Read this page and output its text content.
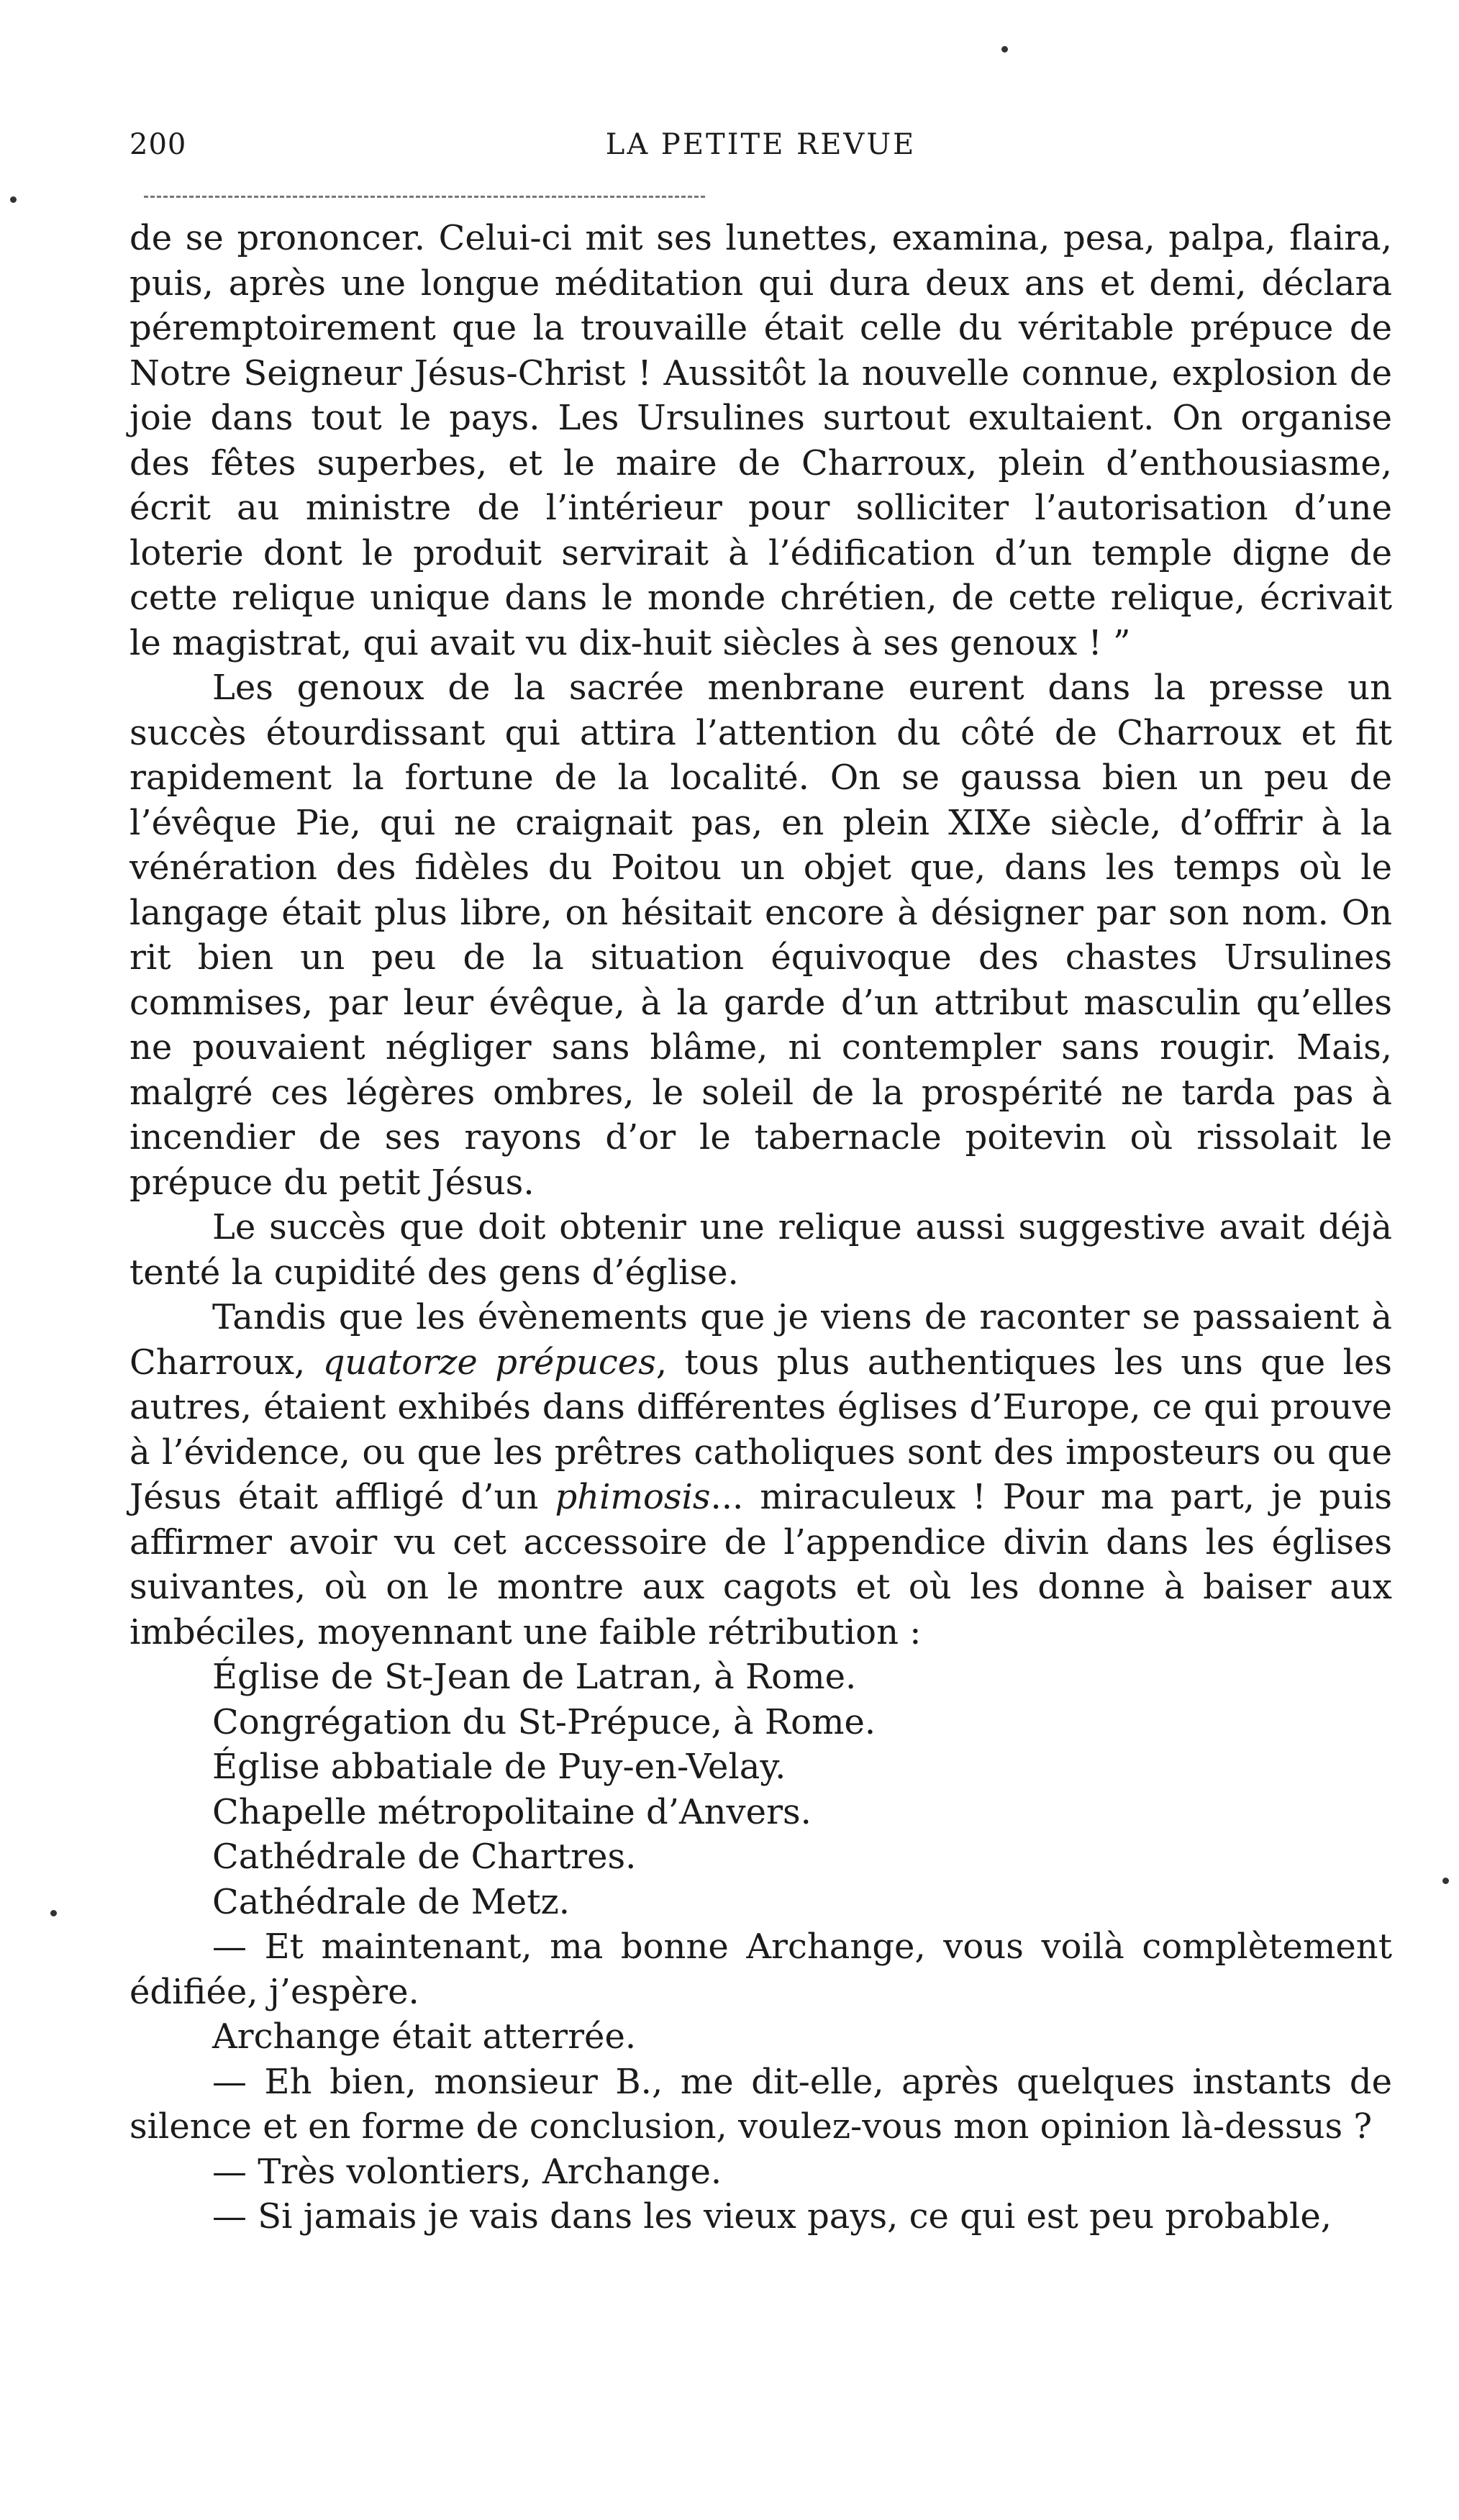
200	LA PETITE REVUE

de se prononcer. Celui-ci mit ses lunettes, examina, pesa, palpa, flaira, puis, après une longue méditation qui dura deux ans et demi, déclara péremptoirement que la trouvaille était celle du véritable prépuce de Notre Seigneur Jésus-Christ ! Aussitôt la nouvelle connue, explosion de joie dans tout le pays. Les Ursulines surtout exultaient. On organise des fêtes superbes, et le maire de Charroux, plein d’enthousiasme, écrit au ministre de l’intérieur pour solliciter l’autorisation d’une loterie dont le produit servirait à l’édification d’un temple digne de cette relique unique dans le monde chrétien, de cette relique, écrivait le magistrat, qui avait vu dix-huit siècles à ses genoux ! ”

Les genoux de la sacrée menbrane eurent dans la presse un succès étourdissant qui attira l’attention du côté de Charroux et fit rapidement la fortune de la localité. On se gaussa bien un peu de l’évêque Pie, qui ne craignait pas, en plein XIXe siècle, d’offrir à la vénération des fidèles du Poitou un objet que, dans les temps où le langage était plus libre, on hésitait encore à désigner par son nom. On rit bien un peu de la situation équivoque des chastes Ursulines commises, par leur évêque, à la garde d’un attribut masculin qu’elles ne pouvaient négliger sans blâme, ni contempler sans rougir. Mais, malgré ces légères ombres, le soleil de la prospérité ne tarda pas à incendier de ses rayons d’or le tabernacle poitevin où rissolait le prépuce du petit Jésus.

Le succès que doit obtenir une relique aussi suggestive avait déjà tenté la cupidité des gens d’église.

Tandis que les évènements que je viens de raconter se passaient à Charroux, quatorze prépuces, tous plus authentiques les uns que les autres, étaient exhibés dans différentes églises d’Europe, ce qui prouve à l’évidence, ou que les prêtres catholiques sont des imposteurs ou que Jésus était affligé d’un phimosis... miraculeux ! Pour ma part, je puis affirmer avoir vu cet accessoire de l’appendice divin dans les églises suivantes, où on le montre aux cagots et où les donne à baiser aux imbéciles, moyennant une faible rétribution :

Église de St-Jean de Latran, à Rome.

Congrégation du St-Prépuce, à Rome.

Église abbatiale de Puy-en-Velay.

Chapelle métropolitaine d’Anvers.

Cathédrale de Chartres.

Cathédrale de Metz.

— Et maintenant, ma bonne Archange, vous voilà complètement édifiée, j’espère.

Archange était atterrée.

— Eh bien, monsieur B., me dit-elle, après quelques instants de silence et en forme de conclusion, voulez-vous mon opinion là-dessus ?

— Très volontiers, Archange.

— Si jamais je vais dans les vieux pays, ce qui est peu probable,
